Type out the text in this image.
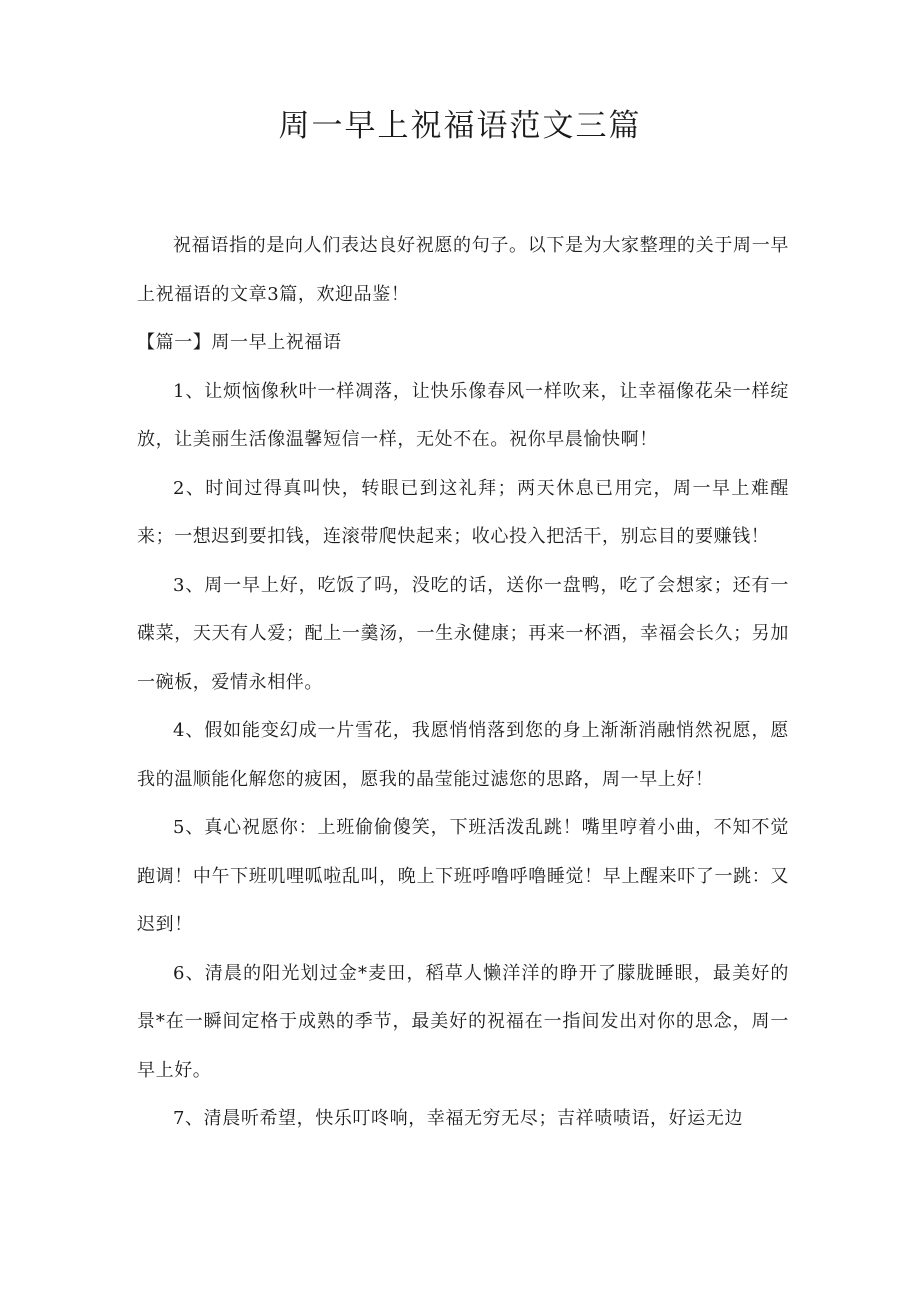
周一早上祝福语范文三篇

祝福语指的是向人们表达良好祝愿的句子。以下是为大家整理的关于周一早上祝福语的文章3篇，欢迎品鉴！

【篇一】周一早上祝福语

1、让烦恼像秋叶一样凋落，让快乐像春风一样吹来，让幸福像花朵一样绽放，让美丽生活像温馨短信一样，无处不在。祝你早晨愉快啊！

2、时间过得真叫快，转眼已到这礼拜；两天休息已用完，周一早上难醒来；一想迟到要扣钱，连滚带爬快起来；收心投入把活干，别忘目的要赚钱！

3、周一早上好，吃饭了吗，没吃的话，送你一盘鸭，吃了会想家；还有一碟菜，天天有人爱；配上一羹汤，一生永健康；再来一杯酒，幸福会长久；另加一碗板，爱情永相伴。

4、假如能变幻成一片雪花，我愿悄悄落到您的身上渐渐消融悄然祝愿，愿我的温顺能化解您的疲困，愿我的晶莹能过滤您的思路，周一早上好！

5、真心祝愿你：上班偷偷傻笑，下班活泼乱跳！嘴里哼着小曲，不知不觉跑调！中午下班叽哩呱啦乱叫，晚上下班呼噜呼噜睡觉！早上醒来吓了一跳：又迟到！

6、清晨的阳光划过金*麦田，稻草人懒洋洋的睁开了朦胧睡眼，最美好的景*在一瞬间定格于成熟的季节，最美好的祝福在一指间发出对你的思念，周一早上好。

7、清晨听希望，快乐叮咚响，幸福无穷无尽；吉祥啧啧语，好运无边
